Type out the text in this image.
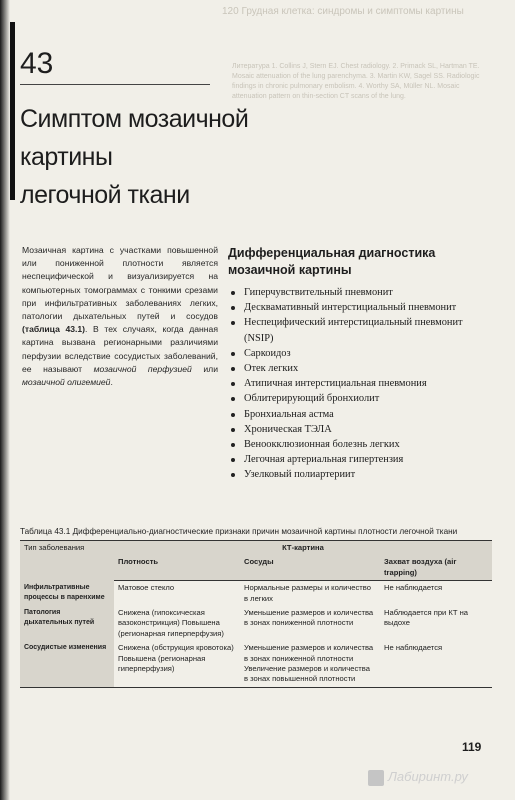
120 Грудная клетка: синдромы и симптомы картины
Литература 1. Collins J, Stern EJ. Chest radiology. 2. Primack SL, Hartman TE. Mosaic attenuation of the lung parenchyma. 3. Martin KW, Sagel SS. Radiologic findings in chronic pulmonary embolism. 4. Worthy SA, Müller NL. Mosaic attenuation pattern on thin-section CT scans of the lung.
43
Симптом мозаичной картины
легочной ткани
Мозаичная картина с участками повышенной или пониженной плотности является неспецифической и визуализируется на компьютерных томограммах с тонкими срезами при инфильтративных заболеваниях легких, патологии дыхательных путей и сосудов (таблица 43.1). В тех случаях, когда данная картина вызвана регионарными различиями перфузии вследствие сосудистых заболеваний, ее называют мозаичной перфузией или мозаичной олигемией.
Дифференциальная диагностика мозаичной картины
Гиперчувствительный пневмонит
Десквамативный интерстициальный пневмонит
Неспецифический интерстициальный пневмонит (NSIP)
Саркоидоз
Отек легких
Атипичная интерстициальная пневмония
Облитерирующий бронхиолит
Бронхиальная астма
Хроническая ТЭЛА
Веноокклюзионная болезнь легких
Легочная артериальная гипертензия
Узелковый полиартериит
Таблица 43.1 Дифференциально-диагностические признаки причин мозаичной картины плотности легочной ткани
Тип заболевания	КТ-картина		
	Плотность	Сосуды	Захват воздуха (air trapping)
Инфильтративные процессы в паренхиме	Матовое стекло	Нормальные размеры и количество в легких	Не наблюдается
Патология дыхательных путей	Снижена (гипоксическая вазоконстрикция) Повышена (регионарная гиперперфузия)	Уменьшение размеров и количества в зонах пониженной плотности	Наблюдается при КТ на выдохе
Сосудистые изменения	Снижена (обструкция кровотока) Повышена (регионарная гиперперфузия)	Уменьшение размеров и количества в зонах пониженной плотности Увеличение размеров и количества в зонах повышенной плотности	Не наблюдается
119
Лабиринт.ру
